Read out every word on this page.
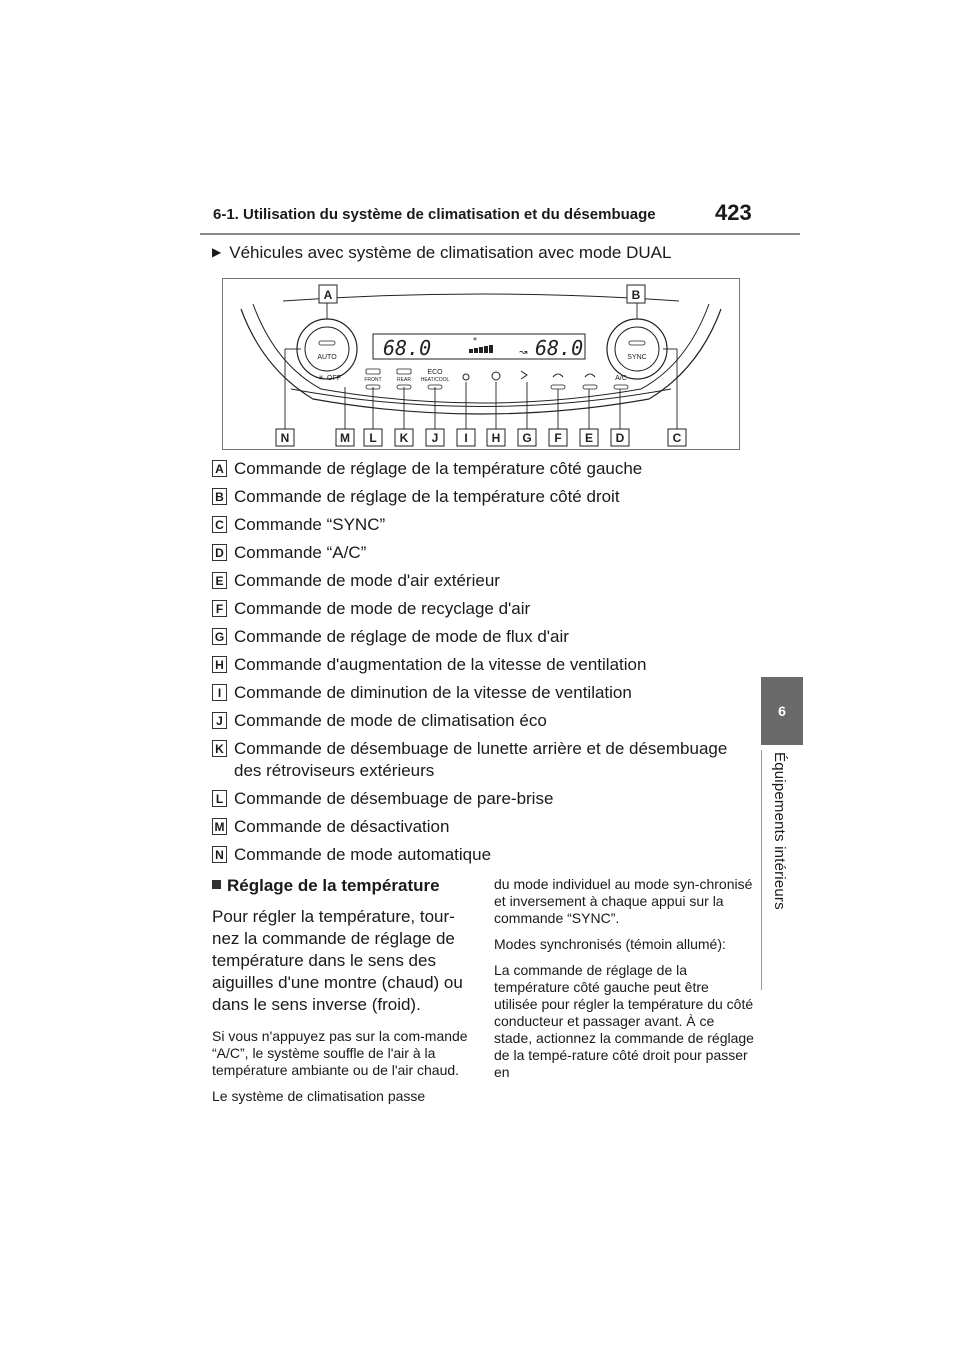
6-1. Utilisation du système de climatisation et du désembuage	423
6
Équipements intérieurs
▶ Véhicules avec système de climatisation avec mode DUAL
AUTO	SYNC
68.0	68.0
*
↝
OFF
✳	FRONT	REAR
ECO
HEAT/COOL	A/C
A	B
N	M L K J I H G F E D	C
A Commande de réglage de la température côté gauche
B Commande de réglage de la température côté droit
C Commande “SYNC”
D Commande “A/C”
E Commande de mode d'air extérieur
F Commande de mode de recyclage d'air
G Commande de réglage de mode de flux d'air
H Commande d'augmentation de la vitesse de ventilation
I Commande de diminution de la vitesse de ventilation
J Commande de mode de climatisation éco
K Commande de désembuage de lunette arrière et de désembuage des rétroviseurs extérieurs
L Commande de désembuage de pare-brise
M Commande de désactivation
N Commande de mode automatique

Réglage de la température

Pour régler la température, tour-nez la commande de réglage de température dans le sens des aiguilles d'une montre (chaud) ou dans le sens inverse (froid).

Si vous n'appuyez pas sur la com-mande “A/C”, le système souffle de l'air à la température ambiante ou de l'air chaud.

Le système de climatisation passe

du mode individuel au mode syn-chronisé et inversement à chaque appui sur la commande “SYNC”.

Modes synchronisés (témoin allumé):

La commande de réglage de la température côté gauche peut être utilisée pour régler la température du côté conducteur et passager avant. À ce stade, actionnez la commande de réglage de la tempé-rature côté droit pour passer en
